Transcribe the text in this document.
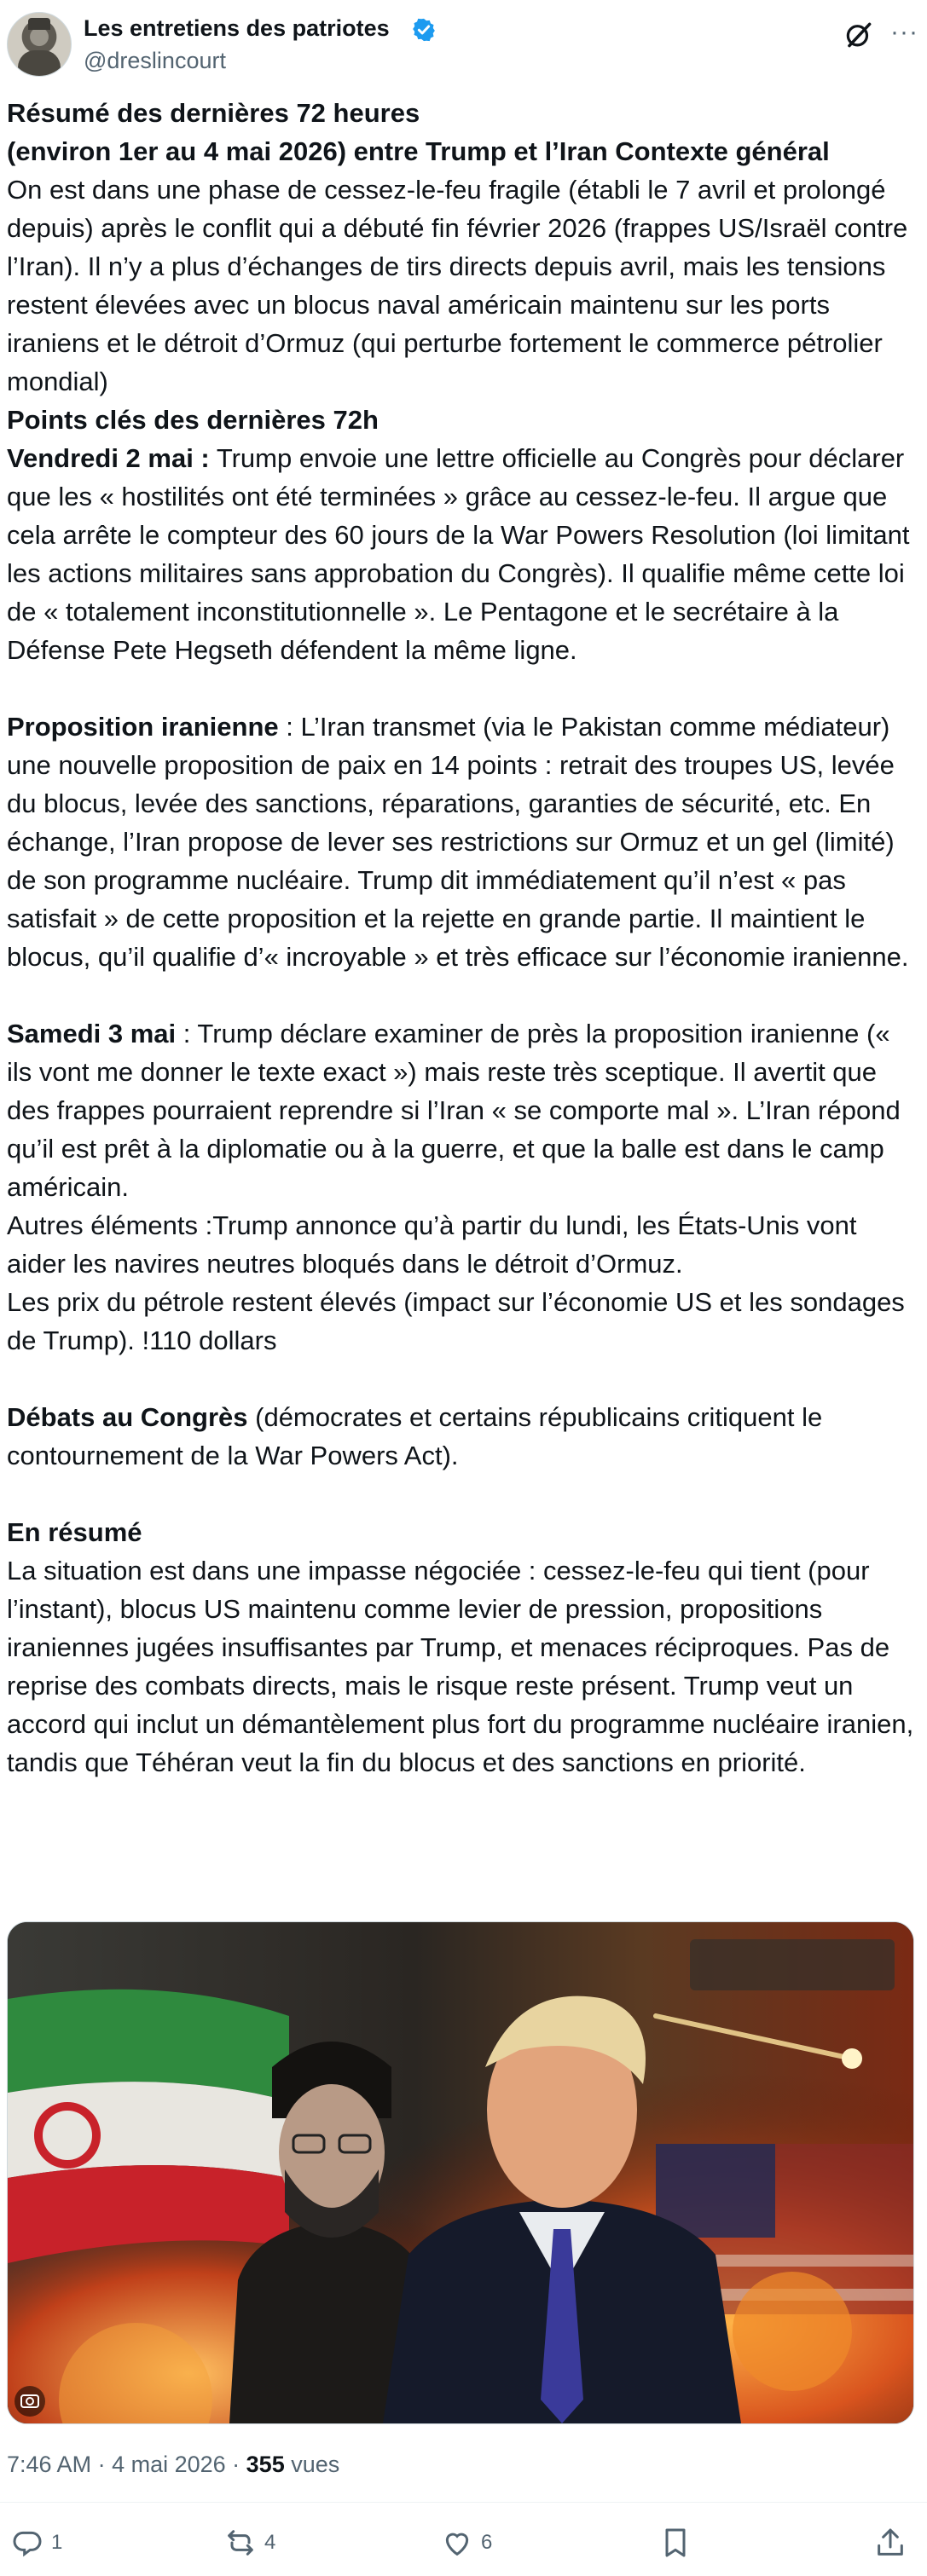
Les entretiens des patriotes
@dreslincourt
···

Résumé des dernières 72 heures

(environ 1er au 4 mai 2026) entre Trump et l’Iran Contexte général

On est dans une phase de cessez-le-feu fragile (établi le 7 avril et prolongé depuis) après le conflit qui a débuté fin février 2026 (frappes US/Israël contre l’Iran). Il n’y a plus d’échanges de tirs directs depuis avril, mais les tensions restent élevées avec un blocus naval américain maintenu sur les ports iraniens et le détroit d’Ormuz (qui perturbe fortement le commerce pétrolier mondial)

Points clés des dernières 72h

Vendredi 2 mai : Trump envoie une lettre officielle au Congrès pour déclarer que les « hostilités ont été terminées » grâce au cessez-le-feu. Il argue que cela arrête le compteur des 60 jours de la War Powers Resolution (loi limitant les actions militaires sans approbation du Congrès). Il qualifie même cette loi de « totalement inconstitutionnelle ». Le Pentagone et le secrétaire à la Défense Pete Hegseth défendent la même ligne.

Proposition iranienne : L’Iran transmet (via le Pakistan comme médiateur) une nouvelle proposition de paix en 14 points : retrait des troupes US, levée du blocus, levée des sanctions, réparations, garanties de sécurité, etc. En échange, l’Iran propose de lever ses restrictions sur Ormuz et un gel (limité) de son programme nucléaire. Trump dit immédiatement qu’il n’est « pas satisfait » de cette proposition et la rejette en grande partie. Il maintient le blocus, qu’il qualifie d’« incroyable » et très efficace sur l’économie iranienne.

Samedi 3 mai : Trump déclare examiner de près la proposition iranienne (« ils vont me donner le texte exact ») mais reste très sceptique. Il avertit que des frappes pourraient reprendre si l’Iran « se comporte mal ». L’Iran répond qu’il est prêt à la diplomatie ou à la guerre, et que la balle est dans le camp américain.

Autres éléments :Trump annonce qu’à partir du lundi, les États-Unis vont aider les navires neutres bloqués dans le détroit d’Ormuz.

Les prix du pétrole restent élevés (impact sur l’économie US et les sondages de Trump). !110 dollars

Débats au Congrès (démocrates et certains républicains critiquent le contournement de la War Powers Act).

En résumé

La situation est dans une impasse négociée : cessez-le-feu qui tient (pour l’instant), blocus US maintenu comme levier de pression, propositions iraniennes jugées insuffisantes par Trump, et menaces réciproques. Pas de reprise des combats directs, mais le risque reste présent. Trump veut un accord qui inclut un démantèlement plus fort du programme nucléaire iranien, tandis que Téhéran veut la fin du blocus et des sanctions en priorité.

7:46 AM · 4 mai 2026 · 355 vues
1	4	6
